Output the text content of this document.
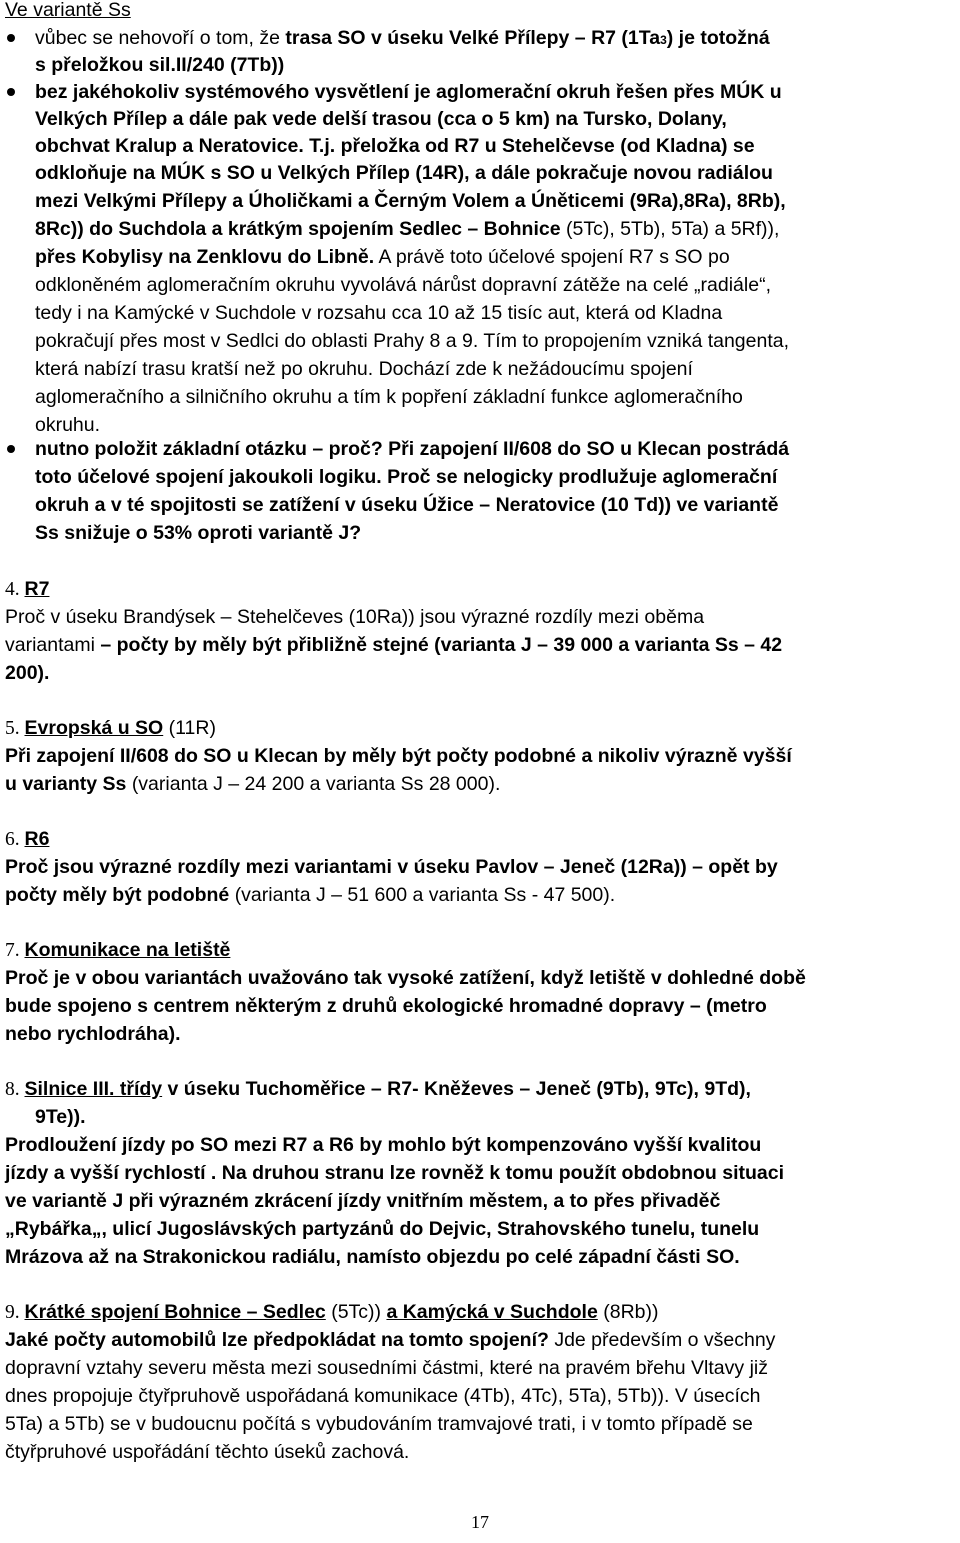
Ve variantě Ss
vůbec se nehovoří o tom, že trasa SO v úseku Velké Přílepy – R7 (1Ta3) je totožná
s přeložkou sil.II/240 (7Tb))
bez jakéhokoliv systémového vysvětlení je aglomerační okruh řešen přes MÚK u
Velkých Přílep a dále pak vede delší trasou (cca o 5 km) na Tursko, Dolany,
obchvat Kralup a Neratovice. T.j. přeložka od R7 u Stehelčevse (od Kladna) se
odkloňuje na MÚK s SO u Velkých Přílep (14R), a dále pokračuje novou radiálou
mezi Velkými Přílepy a Úholičkami a Černým Volem a Úněticemi (9Ra),8Ra), 8Rb),
8Rc)) do Suchdola a krátkým spojením Sedlec – Bohnice (5Tc), 5Tb), 5Ta) a 5Rf)),
přes Kobylisy na Zenklovu do Libně. A právě toto účelové spojení R7 s SO po
odkloněném aglomeračním okruhu vyvolává nárůst dopravní zátěže na celé „radiále“,
tedy i na Kamýcké v Suchdole v rozsahu cca 10 až 15 tisíc aut, která od Kladna
pokračují přes most v Sedlci do oblasti Prahy 8 a 9. Tím to propojením vzniká tangenta,
která nabízí trasu kratší než po okruhu. Dochází zde k nežádoucímu spojení
aglomeračního a silničního okruhu a tím k popření základní funkce aglomeračního
okruhu.
nutno položit základní otázku – proč? Při zapojení II/608 do SO u Klecan postrádá
toto účelové spojení jakoukoli logiku. Proč se nelogicky prodlužuje aglomerační
okruh a v té spojitosti se zatížení v úseku Úžice – Neratovice (10 Td)) ve variantě
Ss snižuje o 53% oproti variantě J?
4. R7
Proč v úseku Brandýsek – Stehelčeves (10Ra)) jsou výrazné rozdíly mezi oběma
variantami – počty by měly být přibližně stejné (varianta J – 39 000 a varianta Ss – 42
200).
5. Evropská u SO (11R)
Při zapojení II/608 do SO u Klecan by měly být počty podobné a nikoliv výrazně vyšší
u varianty Ss (varianta J – 24 200 a varianta Ss 28 000).
6. R6
Proč jsou výrazné rozdíly mezi variantami v úseku Pavlov – Jeneč (12Ra)) – opět by
počty měly být podobné (varianta J – 51 600 a varianta Ss - 47 500).
7. Komunikace na letiště
Proč je v obou variantách uvažováno tak vysoké zatížení, když letiště v dohledné době
bude spojeno s centrem některým z druhů ekologické hromadné dopravy – (metro
nebo rychlodráha).
8. Silnice III. třídy v úseku Tuchoměřice – R7- Kněževes – Jeneč (9Tb), 9Tc), 9Td),
9Te)).
Prodloužení jízdy po SO mezi R7 a R6 by mohlo být kompenzováno vyšší kvalitou
jízdy a vyšší rychlostí . Na druhou stranu lze rovněž k tomu použít obdobnou situaci
ve variantě J při výrazném zkrácení jízdy vnitřním městem, a to přes přivaděč
„Rybářka„, ulicí Jugoslávských partyzánů do Dejvic, Strahovského tunelu, tunelu
Mrázova až na Strakonickou radiálu, namísto objezdu po celé západní části SO.
9. Krátké spojení Bohnice – Sedlec (5Tc)) a Kamýcká v Suchdole (8Rb))
Jaké počty automobilů lze předpokládat na tomto spojení? Jde především o všechny
dopravní vztahy severu města mezi sousedními částmi, které na pravém břehu Vltavy již
dnes propojuje čtyřpruhově uspořádaná komunikace (4Tb), 4Tc), 5Ta), 5Tb)). V úsecích
5Ta) a 5Tb) se v budoucnu počítá s vybudováním tramvajové trati, i v tomto případě se
čtyřpruhové uspořádání těchto úseků zachová.
17
